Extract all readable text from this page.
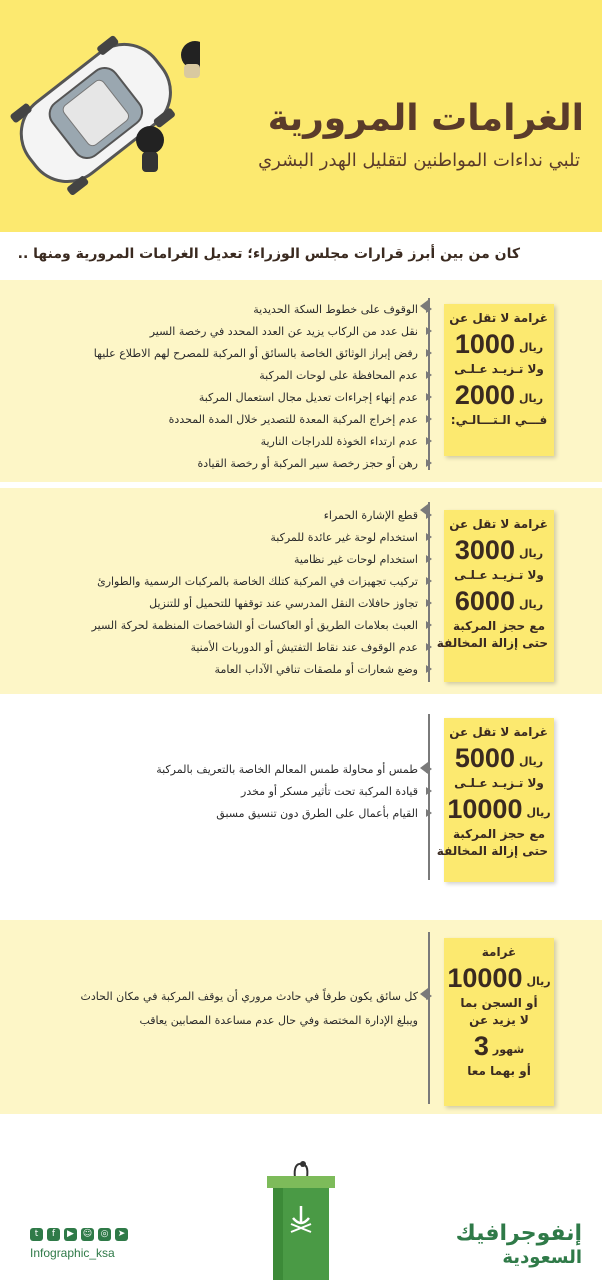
الغرامات المرورية
تلبي نداءات المواطنين لتقليل الهدر البشري
كان من بين أبرز قرارات مجلس الوزراء؛ تعديل الغرامات المرورية ومنها ..
غرامة لا تقل عن
1000 ريال
ولا تـزيـد عـلـى
2000 ريال
فـــي الـتـــالـي:
الوقوف على خطوط السكة الحديدية
نقل عدد من الركاب يزيد عن العدد المحدد في رخصة السير
رفض إبراز الوثائق الخاصة بالسائق أو المركبة للمصرح لهم الاطلاع عليها
عدم المحافظة على لوحات المركبة
عدم إنهاء إجراءات تعديل مجال استعمال المركبة
عدم إخراج المركبة المعدة للتصدير خلال المدة المحددة
عدم ارتداء الخوذة للدراجات النارية
رهن أو حجز رخصة سير المركبة أو رخصة القيادة
غرامة لا تقل عن
3000 ريال
ولا تـزيـد عـلـى
6000 ريال
مع حجز المركبة
حتى إزالة المخالفة
قطع الإشارة الحمراء
استخدام لوحة غير عائدة للمركبة
استخدام لوحات غير نظامية
تركيب تجهيزات في المركبة كتلك الخاصة بالمركبات الرسمية والطوارئ
تجاوز حافلات النقل المدرسي عند توقفها للتحميل أو للتنزيل
العبث بعلامات الطريق أو العاكسات أو الشاخصات المنظمة لحركة السير
عدم الوقوف عند نقاط التفتيش أو الدوريات الأمنية
وضع شعارات أو ملصقات تنافي الآداب العامة
غرامة لا تقل عن
5000 ريال
ولا تـزيـد عـلـى
10000 ريال
مع حجز المركبة
حتى إزالة المخالفة
طمس أو محاولة طمس المعالم الخاصة بالتعريف بالمركبة
قيادة المركبة تحت تأثير مسكر أو مخدر
القيام بأعمال على الطرق دون تنسيق مسبق
غرامة
10000 ريال
أو السجن بما
لا يزيد عن
3 شهور
أو بهما معا
كل سائق يكون طرفاً في حادث مروري أن يوقف المركبة في مكان الحادث
ويبلغ الإدارة المختصة وفي حال عدم مساعدة المصابين يعاقب
إنفوجرافيك
السعودية
t	f	▶ ☺ ◎	➤
Infographic_ksa
